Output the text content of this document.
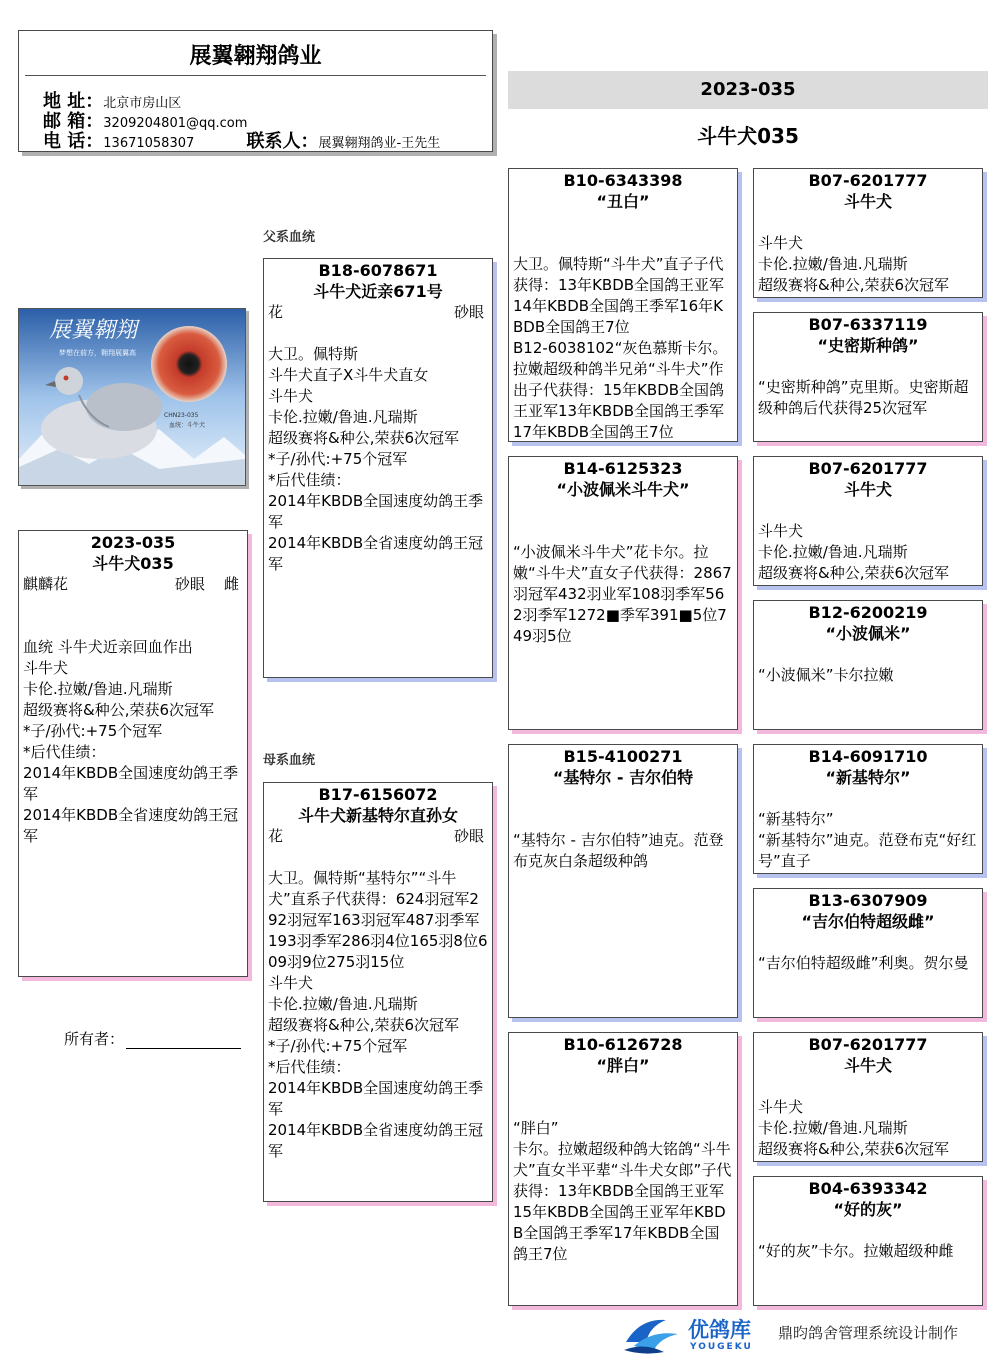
展翼翱翔鸽业
地 址：北京市房山区
邮 箱：3209204801@qq.com
电 话：13671058307	联系人：展翼翱翔鸽业-王先生
2023-035
斗牛犬035
父系血统
母系血统
展翼翱翔
梦想在前方，翱翔展翼高
CHN23-035
血统：斗牛犬
2023-035
斗牛犬035
麒麟花	砂眼 雌
血统 斗牛犬近亲回血作出
斗牛犬
卡伦.拉嫩/鲁迪.凡瑞斯
超级赛将&种公,荣获6次冠军
*子/孙代:+75个冠军
*后代佳绩：
2014年KBDB全国速度幼鸽王季军
2014年KBDB全省速度幼鸽王冠军
所有者：
B18-6078671
斗牛犬近亲671号
花	砂眼
大卫。佩特斯
斗牛犬直子X斗牛犬直女
斗牛犬
卡伦.拉嫩/鲁迪.凡瑞斯
超级赛将&种公,荣获6次冠军
*子/孙代:+75个冠军
*后代佳绩：
2014年KBDB全国速度幼鸽王季军
2014年KBDB全省速度幼鸽王冠军
B17-6156072
斗牛犬新基特尔直孙女
花	砂眼
大卫。佩特斯“基特尔”“斗牛犬”直系子代获得：624羽冠军292羽冠军163羽冠军487羽季军193羽季军286羽4位165羽8位609羽9位275羽15位
斗牛犬
卡伦.拉嫩/鲁迪.凡瑞斯
超级赛将&种公,荣获6次冠军
*子/孙代:+75个冠军
*后代佳绩：
2014年KBDB全国速度幼鸽王季军
2014年KBDB全省速度幼鸽王冠军
B10-6343398
“丑白”
大卫。佩特斯“斗牛犬”直子子代获得：13年KBDB全国鸽王亚军14年KBDB全国鸽王季军16年KBDB全国鸽王7位
B12-6038102“灰色慕斯卡尔。拉嫩超级种鸽半兄弟“斗牛犬”作出子代获得：15年KBDB全国鸽王亚军13年KBDB全国鸽王季军17年KBDB全国鸽王7位
B14-6125323
“小波佩米斗牛犬”
“小波佩米斗牛犬”花卡尔。拉嫩“斗牛犬”直女子代获得：2867羽冠军432羽业军108羽季军562羽季军1272■季军391■5位749羽5位
B15-4100271
“基特尔 - 吉尔伯特
“基特尔 - 吉尔伯特”迪克。范登布克灰白条超级种鸽
B10-6126728
“胖白”
“胖白”
卡尔。拉嫩超级种鸽大铭鸽“斗牛犬”直女半平辈“斗牛犬女郎”子代获得：13年KBDB全国鸽王亚军15年KBDB全国鸽王亚军年KBDB全国鸽王季军17年KBDB全国鸽王7位
B07-6201777
斗牛犬
斗牛犬
卡伦.拉嫩/鲁迪.凡瑞斯
超级赛将&种公,荣获6次冠军
B07-6337119
“史密斯种鸽”
“史密斯种鸽”克里斯。史密斯超级种鸽后代获得25次冠军
B07-6201777
斗牛犬
斗牛犬
卡伦.拉嫩/鲁迪.凡瑞斯
超级赛将&种公,荣获6次冠军
B12-6200219
“小波佩米”
“小波佩米”卡尔拉嫩
B14-6091710
“新基特尔”
“新基特尔”
“新基特尔”迪克。范登布克“好红号”直子
B13-6307909
“吉尔伯特超级雌”
“吉尔伯特超级雌”利奥。贺尔曼
B07-6201777
斗牛犬
斗牛犬
卡伦.拉嫩/鲁迪.凡瑞斯
超级赛将&种公,荣获6次冠军
B04-6393342
“好的灰”
“好的灰”卡尔。拉嫩超级种雌
优鸽库
YOUGEKU
鼎昀鸽舍管理系统设计制作
